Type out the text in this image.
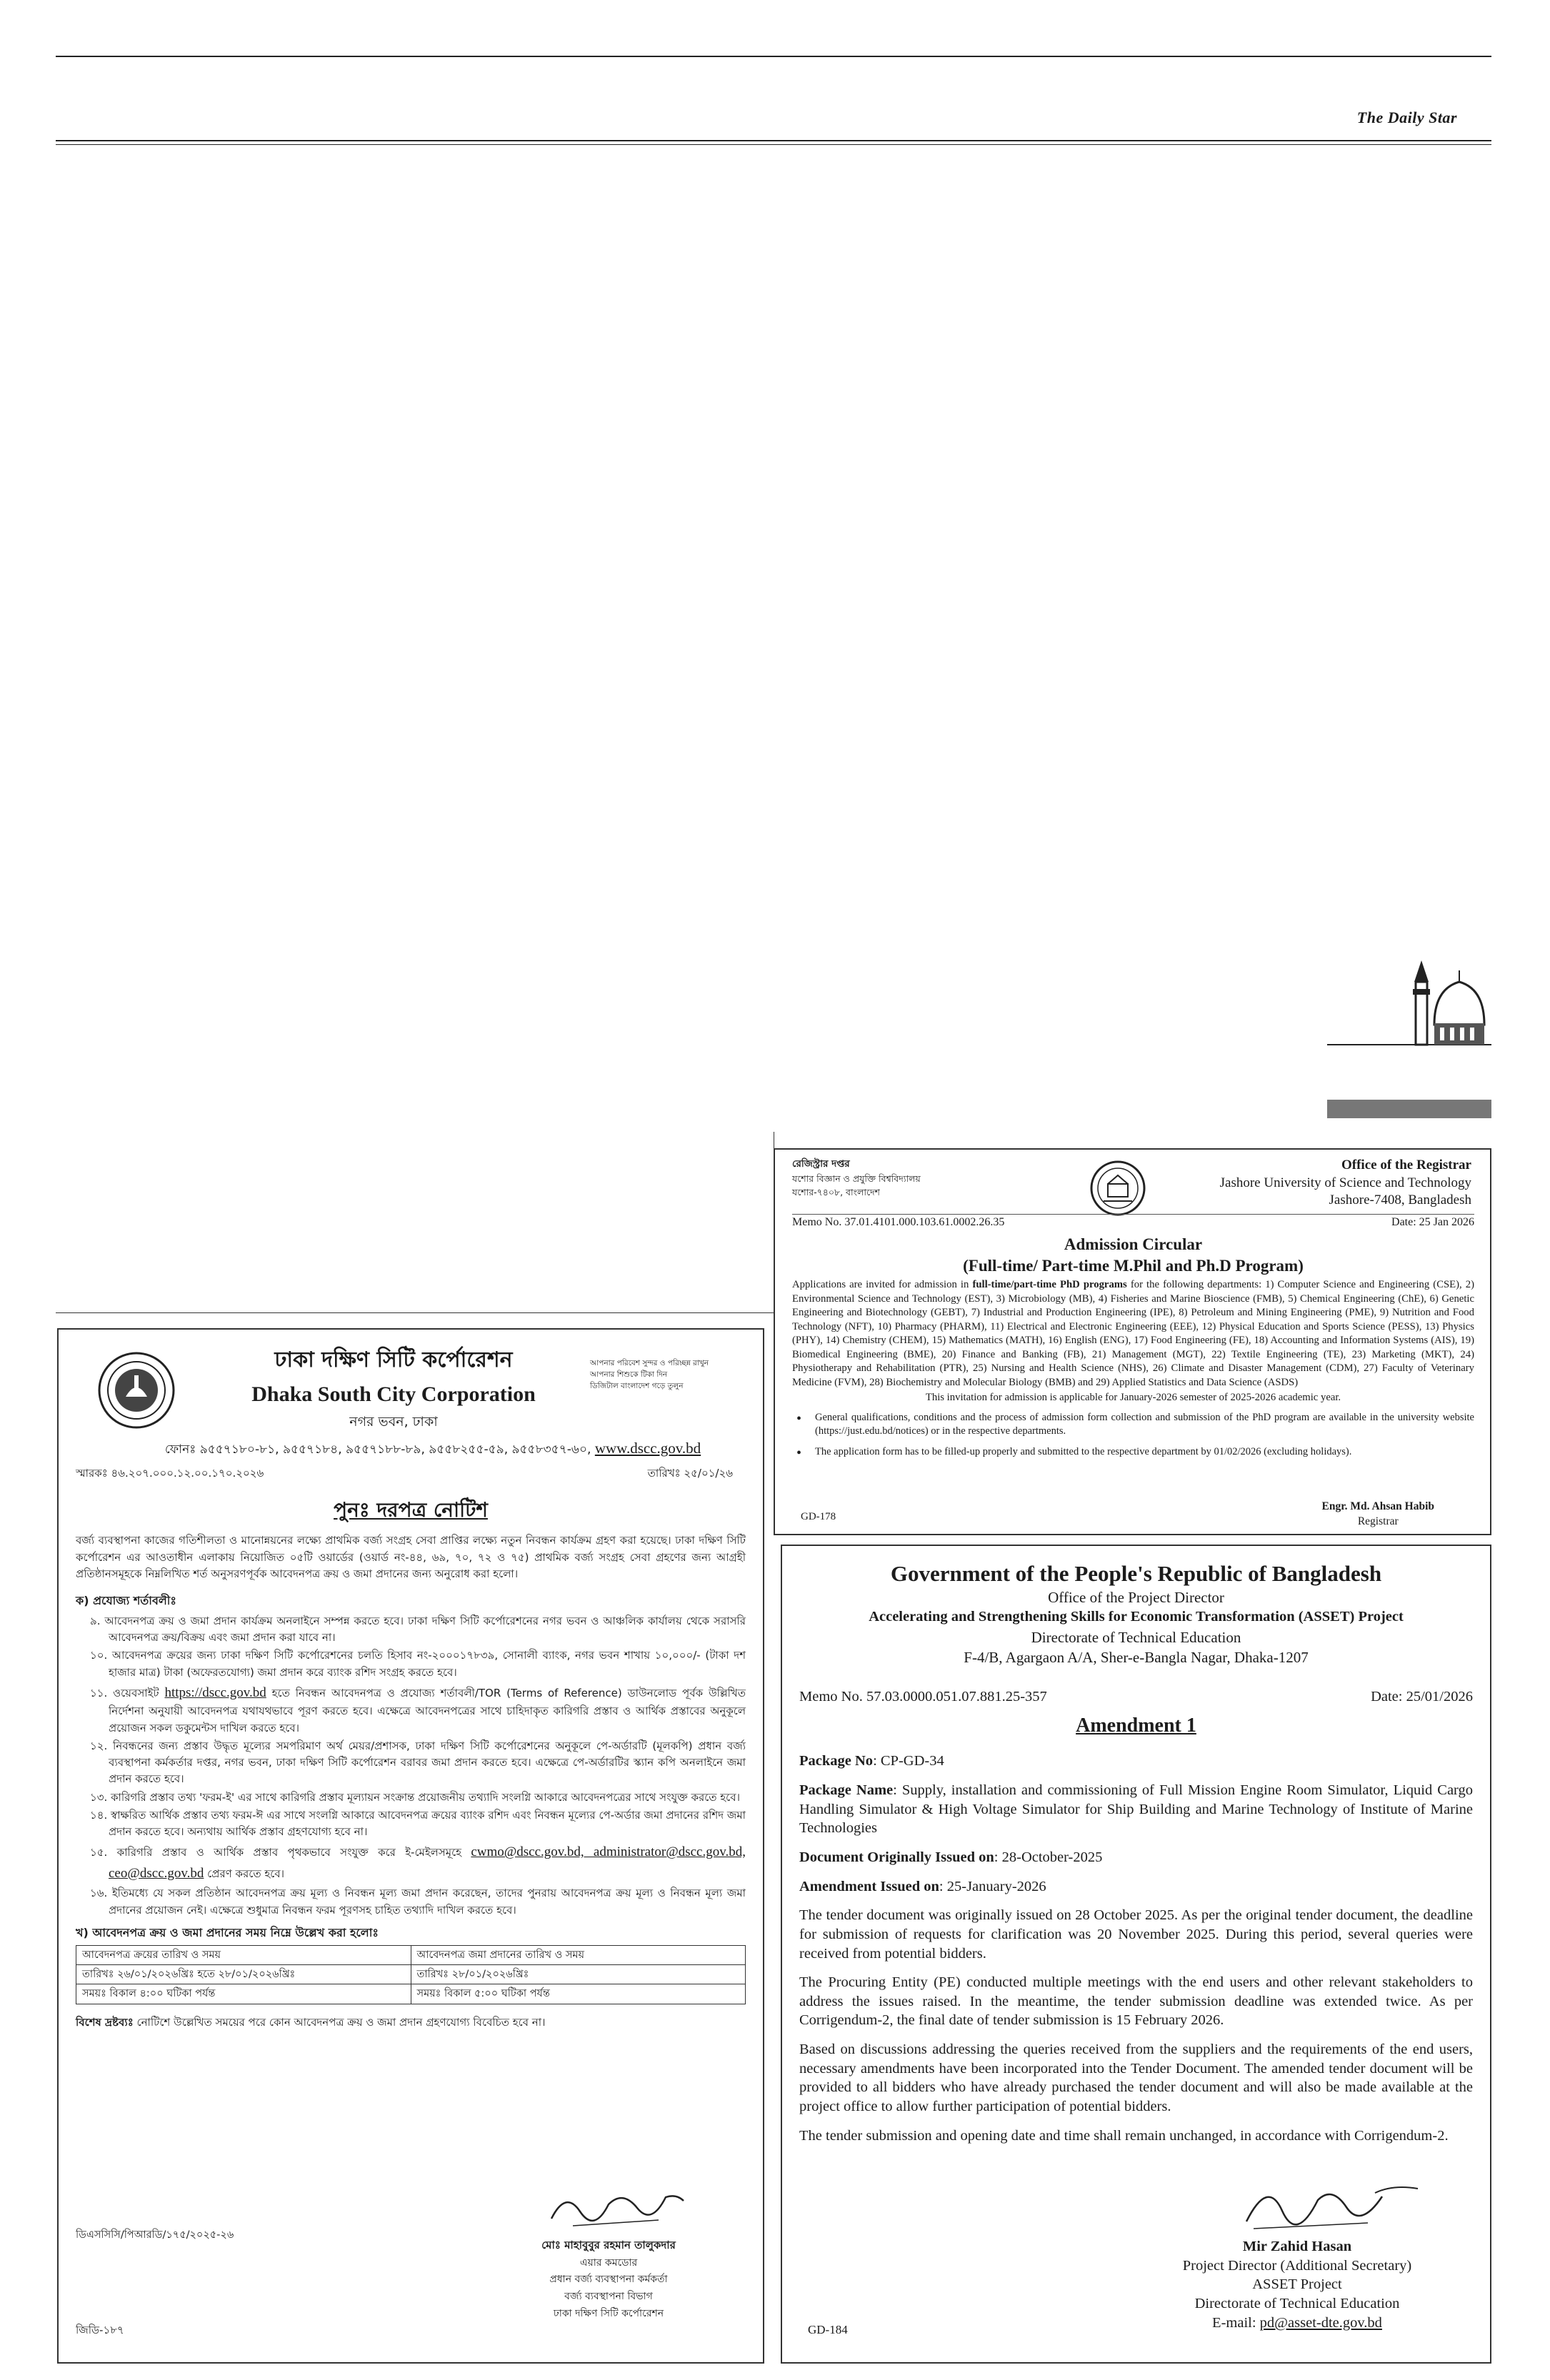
The Daily Star
রেজিস্ট্রার দপ্তর
যশোর বিজ্ঞান ও প্রযুক্তি বিশ্ববিদ্যালয়
যশোর-৭৪০৮, বাংলাদেশ
Office of the Registrar
Jashore University of Science and Technology
Jashore-7408, Bangladesh
Memo No. 37.01.4101.000.103.61.0002.26.35	Date: 25 Jan 2026
Admission Circular
(Full-time/ Part-time M.Phil and Ph.D Program)

Applications are invited for admission in full-time/part-time PhD programs for the following departments: 1) Computer Science and Engineering (CSE), 2) Environmental Science and Technology (EST), 3) Microbiology (MB), 4) Fisheries and Marine Bioscience (FMB), 5) Chemical Engineering (ChE), 6) Genetic Engineering and Biotechnology (GEBT), 7) Industrial and Production Engineering (IPE), 8) Petroleum and Mining Engineering (PME), 9) Nutrition and Food Technology (NFT), 10) Pharmacy (PHARM), 11) Electrical and Electronic Engineering (EEE), 12) Physical Education and Sports Science (PESS), 13) Physics (PHY), 14) Chemistry (CHEM), 15) Mathematics (MATH), 16) English (ENG), 17) Food Engineering (FE), 18) Accounting and Information Systems (AIS), 19) Biomedical Engineering (BME), 20) Finance and Banking (FB), 21) Management (MGT), 22) Textile Engineering (TE), 23) Marketing (MKT), 24) Physiotherapy and Rehabilitation (PTR), 25) Nursing and Health Science (NHS), 26) Climate and Disaster Management (CDM), 27) Faculty of Veterinary Medicine (FVM), 28) Biochemistry and Molecular Biology (BMB) and 29) Applied Statistics and Data Science (ASDS)

This invitation for admission is applicable for January-2026 semester of 2025-2026 academic year.

• General qualifications, conditions and the process of admission form collection and submission of the PhD program are available in the university website (https://just.edu.bd/notices) or in the respective departments.
• The application form has to be filled-up properly and submitted to the respective department by 01/02/2026 (excluding holidays).
GD-178
Engr. Md. Ahsan Habib
Registrar
ঢাকা দক্ষিণ সিটি কর্পোরেশন
Dhaka South City Corporation
নগর ভবন, ঢাকা
আপনার পরিবেশ সুন্দর ও পরিচ্ছন্ন রাখুন
আপনার শিশুকে টিকা দিন
ডিজিটাল বাংলাদেশ গড়ে তুলুন
ফোনঃ ৯৫৫৭১৮০-৮১, ৯৫৫৭১৮৪, ৯৫৫৭১৮৮-৮৯, ৯৫৫৮২৫৫-৫৯, ৯৫৫৮৩৫৭-৬০, www.dscc.gov.bd
স্মারকঃ ৪৬.২০৭.০০০.১২.০০.১৭০.২০২৬	তারিখঃ ২৫/০১/২৬
পুনঃ দরপত্র নোটিশ

বর্জ্য ব্যবস্থাপনা কাজের গতিশীলতা ও মানোন্নয়নের লক্ষ্যে প্রাথমিক বর্জ্য সংগ্রহ সেবা প্রাপ্তির লক্ষ্যে নতুন নিবন্ধন কার্যক্রম গ্রহণ করা হয়েছে। ঢাকা দক্ষিণ সিটি কর্পোরেশন এর আওতাধীন এলাকায় নিয়োজিত ০৫টি ওয়ার্ডের (ওয়ার্ড নং-৪৪, ৬৯, ৭০, ৭২ ও ৭৫) প্রাথমিক বর্জ্য সংগ্রহ সেবা গ্রহণের জন্য আগ্রহী প্রতিষ্ঠানসমূহকে নিম্নলিখিত শর্ত অনুসরণপূর্বক আবেদনপত্র ক্রয় ও জমা প্রদানের জন্য অনুরোধ করা হলো।

ক) প্রযোজ্য শর্তাবলীঃ

৯. আবেদনপত্র ক্রয় ও জমা প্রদান কার্যক্রম অনলাইনে সম্পন্ন করতে হবে। ঢাকা দক্ষিণ সিটি কর্পোরেশনের নগর ভবন ও আঞ্চলিক কার্যালয় থেকে সরাসরি আবেদনপত্র ক্রয়/বিক্রয় এবং জমা প্রদান করা যাবে না।

১০. আবেদনপত্র ক্রয়ের জন্য ঢাকা দক্ষিণ সিটি কর্পোরেশনের চলতি হিসাব নং-২০০০১৭৮৩৯, সোনালী ব্যাংক, নগর ভবন শাখায় ১০,০০০/- (টাকা দশ হাজার মাত্র) টাকা (অফেরতযোগ্য) জমা প্রদান করে ব্যাংক রশিদ সংগ্রহ করতে হবে।

১১. ওয়েবসাইট https://dscc.gov.bd হতে নিবন্ধন আবেদনপত্র ও প্রযোজ্য শর্তাবলী/TOR (Terms of Reference) ডাউনলোড পূর্বক উল্লিখিত নির্দেশনা অনুযায়ী আবেদনপত্র যথাযথভাবে পূরণ করতে হবে। এক্ষেত্রে আবেদনপত্রের সাথে চাহিদাকৃত কারিগরি প্রস্তাব ও আর্থিক প্রস্তাবের অনুকূলে প্রয়োজন সকল ডকুমেন্টস দাখিল করতে হবে।

১২. নিবন্ধনের জন্য প্রস্তাব উদ্ধৃত মূল্যের সমপরিমাণ অর্থ মেয়র/প্রশাসক, ঢাকা দক্ষিণ সিটি কর্পোরেশনের অনুকূলে পে-অর্ডারটি (মূলকপি) প্রধান বর্জ্য ব্যবস্থাপনা কর্মকর্তার দপ্তর, নগর ভবন, ঢাকা দক্ষিণ সিটি কর্পোরেশন বরাবর জমা প্রদান করতে হবে। এক্ষেত্রে পে-অর্ডারটির স্ক্যান কপি অনলাইনে জমা প্রদান করতে হবে।

১৩. কারিগরি প্রস্তাব তথ্য 'ফরম-ই' এর সাথে কারিগরি প্রস্তাব মূল্যায়ন সংক্রান্ত প্রয়োজনীয় তথ্যাদি সংলগ্নি আকারে আবেদনপত্রের সাথে সংযুক্ত করতে হবে।

১৪. স্বাক্ষরিত আর্থিক প্রস্তাব তথ্য ফরম-ঈ এর সাথে সংলগ্নি আকারে আবেদনপত্র ক্রয়ের ব্যাংক রশিদ এবং নিবন্ধন মূল্যের পে-অর্ডার জমা প্রদানের রশিদ জমা প্রদান করতে হবে। অন্যথায় আর্থিক প্রস্তাব গ্রহণযোগ্য হবে না।

১৫. কারিগরি প্রস্তাব ও আর্থিক প্রস্তাব পৃথকভাবে সংযুক্ত করে ই-মেইলসমূহে cwmo@dscc.gov.bd, administrator@dscc.gov.bd, ceo@dscc.gov.bd প্রেরণ করতে হবে।

১৬. ইতিমধ্যে যে সকল প্রতিষ্ঠান আবেদনপত্র ক্রয় মূল্য ও নিবন্ধন মূল্য জমা প্রদান করেছেন, তাদের পুনরায় আবেদনপত্র ক্রয় মূল্য ও নিবন্ধন মূল্য জমা প্রদানের প্রয়োজন নেই। এক্ষেত্রে শুধুমাত্র নিবন্ধন ফরম পূরণসহ চাহিত তথ্যাদি দাখিল করতে হবে।

খ) আবেদনপত্র ক্রয় ও জমা প্রদানের সময় নিম্নে উল্লেখ করা হলোঃ
আবেদনপত্র ক্রয়ের তারিখ ও সময়	আবেদনপত্র জমা প্রদানের তারিখ ও সময়
তারিখঃ ২৬/০১/২০২৬খ্রিঃ হতে ২৮/০১/২০২৬খ্রিঃ	তারিখঃ ২৮/০১/২০২৬খ্রিঃ
সময়ঃ বিকাল ৪:০০ ঘটিকা পর্যন্ত	সময়ঃ বিকাল ৫:০০ ঘটিকা পর্যন্ত

বিশেষ দ্রষ্টব্যঃ নোটিশে উল্লেখিত সময়ের পরে কোন আবেদনপত্র ক্রয় ও জমা প্রদান গ্রহণযোগ্য বিবেচিত হবে না।

ডিএসসিসি/পিআরডি/১৭৫/২০২৫-২৬
মোঃ মাহাবুবুর রহমান তালুকদার
এয়ার কমডোর
প্রধান বর্জ্য ব্যবস্থাপনা কর্মকর্তা
বর্জ্য ব্যবস্থাপনা বিভাগ
ঢাকা দক্ষিণ সিটি কর্পোরেশন
জিডি-১৮৭
Government of the People's Republic of Bangladesh
Office of the Project Director
Accelerating and Strengthening Skills for Economic Transformation (ASSET) Project
Directorate of Technical Education
F-4/B, Agargaon A/A, Sher-e-Bangla Nagar, Dhaka-1207
Memo No. 57.03.0000.051.07.881.25-357	Date: 25/01/2026
Amendment 1

Package No: CP-GD-34

Package Name: Supply, installation and commissioning of Full Mission Engine Room Simulator, Liquid Cargo Handling Simulator & High Voltage Simulator for Ship Building and Marine Technology of Institute of Marine Technologies

Document Originally Issued on: 28-October-2025

Amendment Issued on: 25-January-2026

The tender document was originally issued on 28 October 2025. As per the original tender document, the deadline for submission of requests for clarification was 20 November 2025. During this period, several queries were received from potential bidders.

The Procuring Entity (PE) conducted multiple meetings with the end users and other relevant stakeholders to address the issues raised. In the meantime, the tender submission deadline was extended twice. As per Corrigendum-2, the final date of tender submission is 15 February 2026.

Based on discussions addressing the queries received from the suppliers and the requirements of the end users, necessary amendments have been incorporated into the Tender Document. The amended tender document will be provided to all bidders who have already purchased the tender document and will also be made available at the project office to allow further participation of potential bidders.

The tender submission and opening date and time shall remain unchanged, in accordance with Corrigendum-2.

Mir Zahid Hasan
Project Director (Additional Secretary)
ASSET Project
Directorate of Technical Education
E-mail: pd@asset-dte.gov.bd
GD-184
